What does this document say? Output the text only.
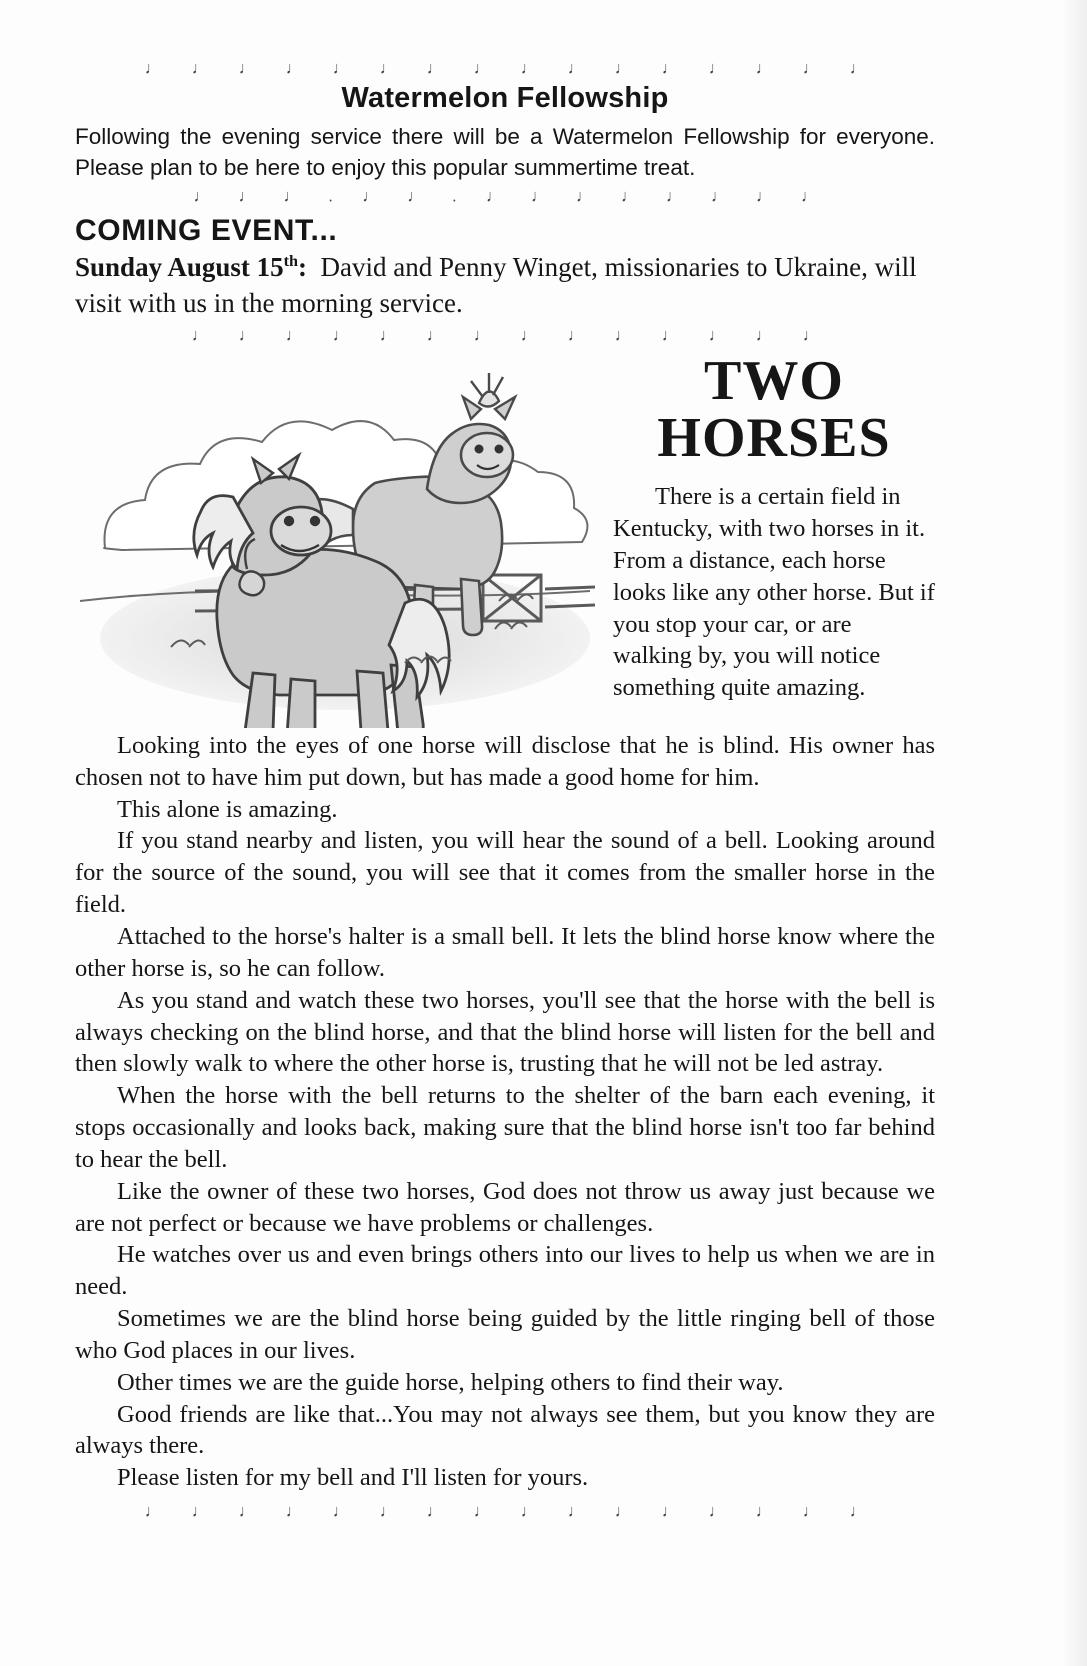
♩ ♩ ♩ ♩ ♩ ♩ ♩ ♩ ♩ ♩ ♩ ♩ ♩ ♩ ♩ ♩
Watermelon Fellowship

Following the evening service there will be a Watermelon Fellowship for everyone. Please plan to be here to enjoy this popular summertime treat.

♩ ♩ ♩ . ♩ ♩ . ♩ ♩ ♩ ♩ ♩ ♩ ♩ ♩
COMING EVENT...

Sunday August 15th: David and Penny Winget, missionaries to Ukraine, will visit with us in the morning service.

♩ ♩ ♩ ♩ ♩ ♩ ♩ ♩ ♩ ♩ ♩ ♩ ♩ ♩
TWO
HORSES

There is a certain field in Kentucky, with two horses in it. From a distance, each horse looks like any other horse. But if you stop your car, or are walking by, you will notice something quite amazing.

Looking into the eyes of one horse will disclose that he is blind. His owner has chosen not to have him put down, but has made a good home for him.

This alone is amazing.

If you stand nearby and listen, you will hear the sound of a bell. Looking around for the source of the sound, you will see that it comes from the smaller horse in the field.

Attached to the horse's halter is a small bell. It lets the blind horse know where the other horse is, so he can follow.

As you stand and watch these two horses, you'll see that the horse with the bell is always checking on the blind horse, and that the blind horse will listen for the bell and then slowly walk to where the other horse is, trusting that he will not be led astray.

When the horse with the bell returns to the shelter of the barn each evening, it stops occasionally and looks back, making sure that the blind horse isn't too far behind to hear the bell.

Like the owner of these two horses, God does not throw us away just because we are not perfect or because we have problems or challenges.

He watches over us and even brings others into our lives to help us when we are in need.

Sometimes we are the blind horse being guided by the little ringing bell of those who God places in our lives.

Other times we are the guide horse, helping others to find their way.

Good friends are like that...You may not always see them, but you know they are always there.

Please listen for my bell and I'll listen for yours.

♩ ♩ ♩ ♩ ♩ ♩ ♩ ♩ ♩ ♩ ♩ ♩ ♩ ♩ ♩ ♩
